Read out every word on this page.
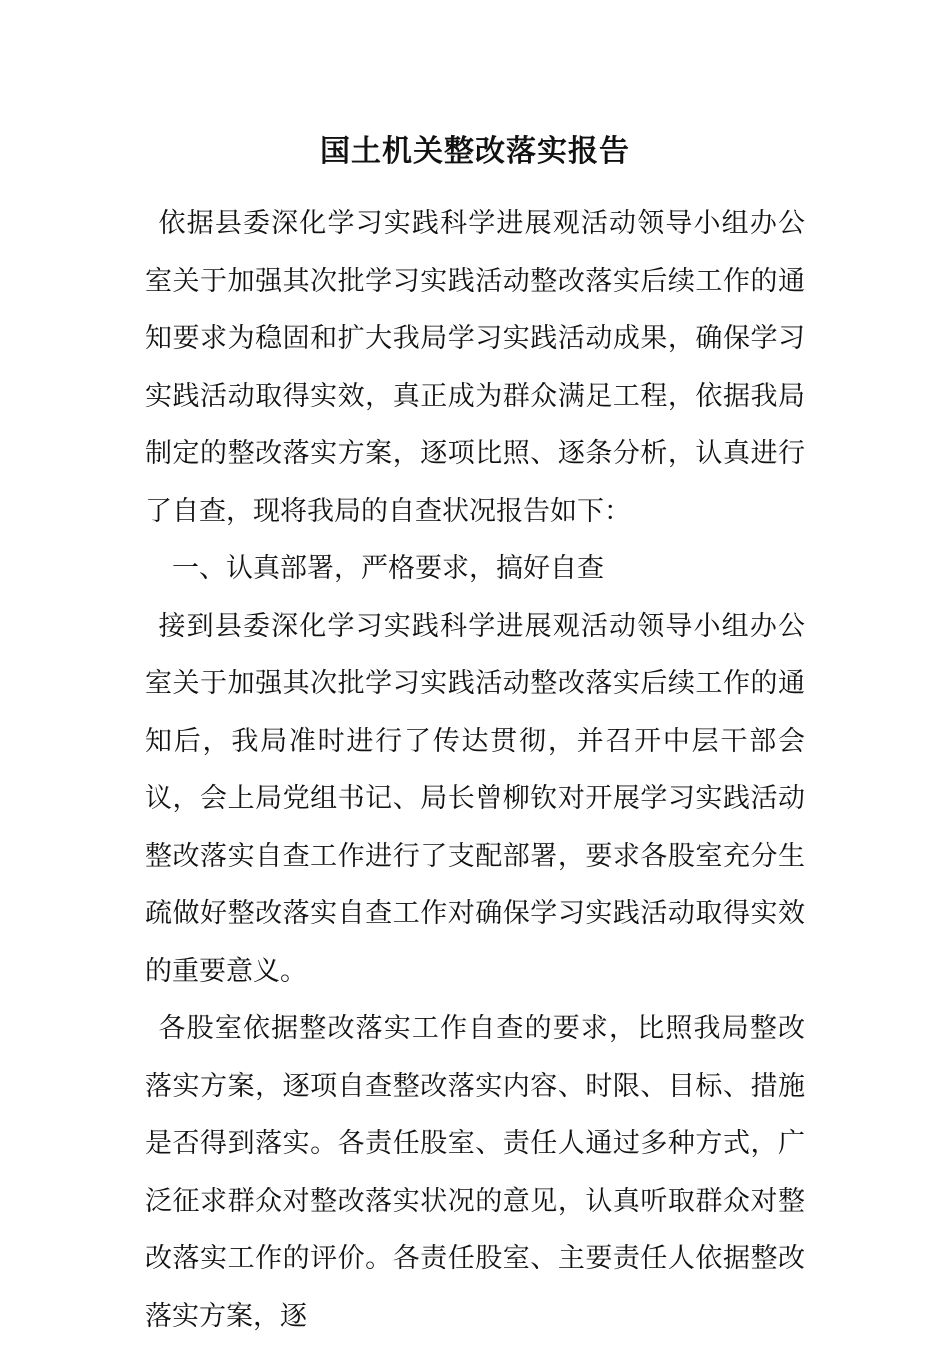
国土机关整改落实报告

依据县委深化学习实践科学进展观活动领导小组办公室关于加强其次批学习实践活动整改落实后续工作的通知要求为稳固和扩大我局学习实践活动成果，确保学习实践活动取得实效，真正成为群众满足工程，依据我局制定的整改落实方案，逐项比照、逐条分析，认真进行了自查，现将我局的自查状况报告如下：

一、认真部署，严格要求，搞好自查

接到县委深化学习实践科学进展观活动领导小组办公室关于加强其次批学习实践活动整改落实后续工作的通知后，我局准时进行了传达贯彻，并召开中层干部会议，会上局党组书记、局长曾柳钦对开展学习实践活动整改落实自查工作进行了支配部署，要求各股室充分生疏做好整改落实自查工作对确保学习实践活动取得实效的重要意义。

各股室依据整改落实工作自查的要求，比照我局整改落实方案，逐项自查整改落实内容、时限、目标、措施是否得到落实。各责任股室、责任人通过多种方式，广泛征求群众对整改落实状况的意见，认真听取群众对整改落实工作的评价。各责任股室、主要责任人依据整改落实方案，逐
